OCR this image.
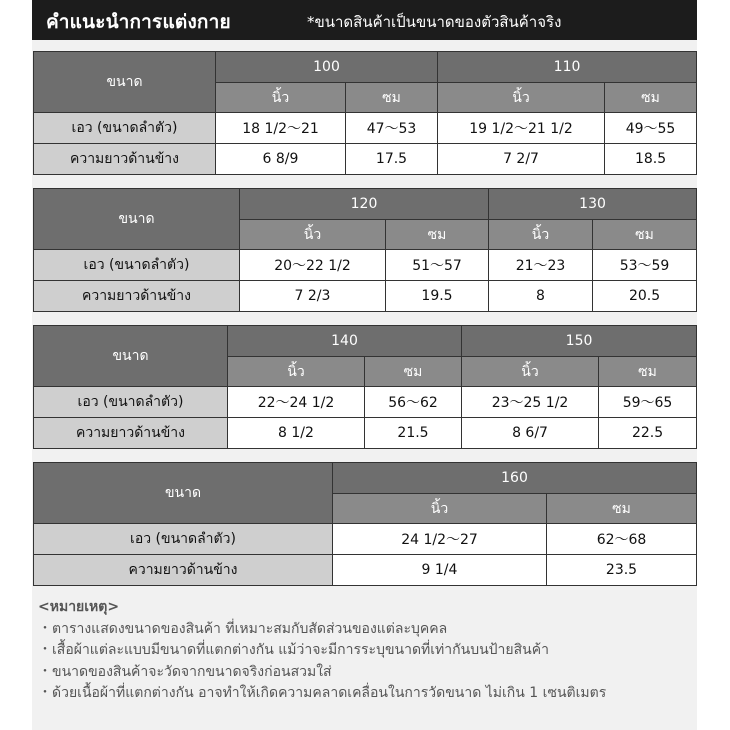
คำแนะนำการแต่งกาย	*ขนาดสินค้าเป็นขนาดของตัวสินค้าจริง
ขนาด	100		110	
	นิ้ว	ซม	นิ้ว	ซม
เอว (ขนาดลำตัว)	18 1/2～21	47～53	19 1/2～21 1/2	49～55
ความยาวด้านข้าง	6 8/9	17.5	7 2/7	18.5
ขนาด	120		130	
	นิ้ว	ซม	นิ้ว	ซม
เอว (ขนาดลำตัว)	20～22 1/2	51～57	21～23	53～59
ความยาวด้านข้าง	7 2/3	19.5	8	20.5
ขนาด	140		150	
	นิ้ว	ซม	นิ้ว	ซม
เอว (ขนาดลำตัว)	22～24 1/2	56～62	23～25 1/2	59～65
ความยาวด้านข้าง	8 1/2	21.5	8 6/7	22.5
ขนาด	160	
	นิ้ว	ซม
เอว (ขนาดลำตัว)	24 1/2～27	62～68
ความยาวด้านข้าง	9 1/4	23.5
<หมายเหตุ>
・ตารางแสดงขนาดของสินค้า ที่เหมาะสมกับสัดส่วนของแต่ละบุคคล
・เสื้อผ้าแต่ละแบบมีขนาดที่แตกต่างกัน แม้ว่าจะมีการระบุขนาดที่เท่ากันบนป้ายสินค้า
・ขนาดของสินค้าจะวัดจากขนาดจริงก่อนสวมใส่
・ด้วยเนื้อผ้าที่แตกต่างกัน อาจทำให้เกิดความคลาดเคลื่อนในการวัดขนาด ไม่เกิน 1 เซนติเมตร
